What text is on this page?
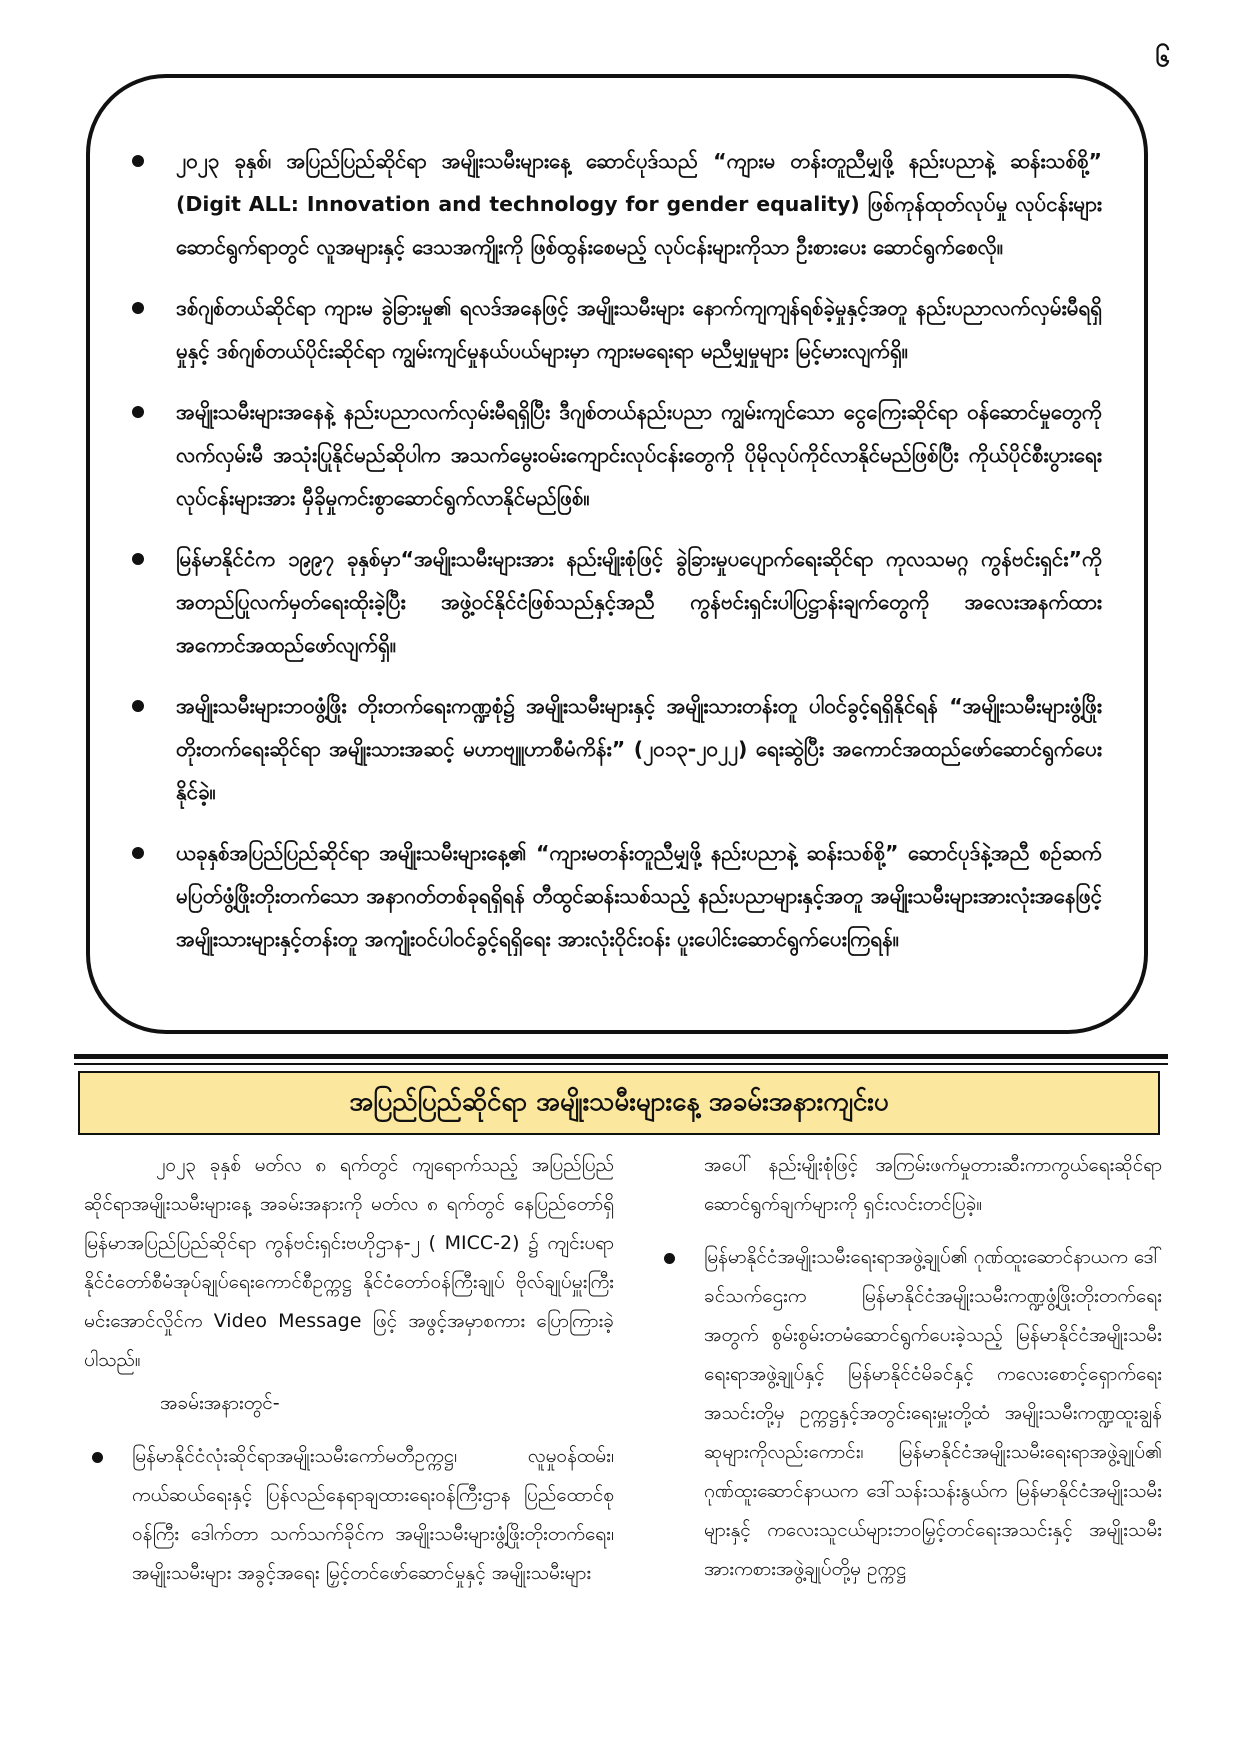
၆
၂၀၂၃ ခုနှစ်၊ အပြည်ပြည်ဆိုင်ရာ အမျိုးသမီးများနေ့ ဆောင်ပုဒ်သည် “ကျားမ တန်းတူညီမျှဖို့ နည်းပညာနဲ့ ဆန်းသစ်စို့” (Digit ALL: Innovation and technology for gender equality) ဖြစ်ကုန်ထုတ်လုပ်မှု လုပ်ငန်းများ ဆောင်ရွက်ရာတွင် လူအများနှင့် ဒေသအကျိုးကို ဖြစ်ထွန်းစေမည့် လုပ်ငန်းများကိုသာ ဦးစားပေး ဆောင်ရွက်စေလို။
ဒစ်ဂျစ်တယ်ဆိုင်ရာ ကျားမ ခွဲခြားမှု၏ ရလဒ်အနေဖြင့် အမျိုးသမီးများ နောက်ကျကျန်ရစ်ခဲ့မှုနှင့်အတူ နည်းပညာလက်လှမ်းမီရရှိမှုနှင့် ဒစ်ဂျစ်တယ်ပိုင်းဆိုင်ရာ ကျွမ်းကျင်မှုနယ်ပယ်များမှာ ကျားမရေးရာ မညီမျှမှုများ မြင့်မားလျက်ရှိ။
အမျိုးသမီးများအနေနဲ့ နည်းပညာလက်လှမ်းမီရရှိပြီး ဒီဂျစ်တယ်နည်းပညာ ကျွမ်းကျင်သော ငွေကြေးဆိုင်ရာ ဝန်ဆောင်မှုတွေကို လက်လှမ်းမီ အသုံးပြုနိုင်မည်ဆိုပါက အသက်မွေးဝမ်းကျောင်းလုပ်ငန်းတွေကို ပိုမိုလုပ်ကိုင်လာနိုင်မည်ဖြစ်ပြီး ကိုယ်ပိုင်စီးပွားရေးလုပ်ငန်းများအား မှီခိုမှုကင်းစွာဆောင်ရွက်လာနိုင်မည်ဖြစ်။
မြန်မာနိုင်ငံက ၁၉၉၇ ခုနှစ်မှာ“အမျိုးသမီးများအား နည်းမျိုးစုံဖြင့် ခွဲခြားမှုပပျောက်ရေးဆိုင်ရာ ကုလသမဂ္ဂ ကွန်ဗင်းရှင်း”ကို အတည်ပြုလက်မှတ်ရေးထိုးခဲ့ပြီး အဖွဲ့ဝင်နိုင်ငံဖြစ်သည်နှင့်အညီ ကွန်ဗင်းရှင်းပါပြဋ္ဌာန်းချက်တွေကို အလေးအနက်ထား အကောင်အထည်ဖော်လျက်ရှိ။
အမျိုးသမီးများဘဝဖွံ့ဖြိုး တိုးတက်ရေးကဏ္ဍစုံ၌ အမျိုးသမီးများနှင့် အမျိုးသားတန်းတူ ပါဝင်ခွင့်ရရှိနိုင်ရန် “အမျိုးသမီးများဖွံ့ဖြိုးတိုးတက်ရေးဆိုင်ရာ အမျိုးသားအဆင့် မဟာဗျူဟာစီမံကိန်း” (၂၀၁၃-၂၀၂၂) ရေးဆွဲပြီး အကောင်အထည်ဖော်ဆောင်ရွက်ပေးနိုင်ခဲ့။
ယခုနှစ်အပြည်ပြည်ဆိုင်ရာ အမျိုးသမီးများနေ့၏ “ကျားမတန်းတူညီမျှဖို့ နည်းပညာနဲ့ ဆန်းသစ်စို့” ဆောင်ပုဒ်နဲ့အညီ စဉ်ဆက်မပြတ်ဖွံ့ဖြိုးတိုးတက်သော အနာဂတ်တစ်ခုရရှိရန် တီထွင်ဆန်းသစ်သည့် နည်းပညာများနှင့်အတူ အမျိုးသမီးများအားလုံးအနေဖြင့် အမျိုးသားများနှင့်တန်းတူ အကျုံးဝင်ပါဝင်ခွင့်ရရှိရေး အားလုံးဝိုင်းဝန်း ပူးပေါင်းဆောင်ရွက်ပေးကြရန်။
အပြည်ပြည်ဆိုင်ရာ အမျိုးသမီးများနေ့ အခမ်းအနားကျင်းပ

၂၀၂၃ ခုနှစ် မတ်လ ၈ ရက်တွင် ကျရောက်သည့် အပြည်ပြည်ဆိုင်ရာအမျိုးသမီးများနေ့ အခမ်းအနားကို မတ်လ ၈ ရက်တွင် နေပြည်တော်ရှိ မြန်မာအပြည်ပြည်ဆိုင်ရာ ကွန်ဗင်းရှင်းဗဟိုဌာန-၂ ( MICC-2) ၌ ကျင်းပရာ နိုင်ငံတော်စီမံအုပ်ချုပ်ရေးကောင်စီဥက္ကဋ္ဌ နိုင်ငံတော်ဝန်ကြီးချုပ် ဗိုလ်ချုပ်မှူးကြီး မင်းအောင်လှိုင်က Video Message ဖြင့် အဖွင့်အမှာစကား ပြောကြားခဲ့ပါသည်။

အခမ်းအနားတွင်-

မြန်မာနိုင်ငံလုံးဆိုင်ရာအမျိုးသမီးကော်မတီဥက္ကဋ္ဌ၊ လူမှုဝန်ထမ်း၊ ကယ်ဆယ်ရေးနှင့် ပြန်လည်နေရာချထားရေးဝန်ကြီးဌာန ပြည်ထောင်စုဝန်ကြီး ဒေါက်တာ သက်သက်ခိုင်က အမျိုးသမီးများဖွံ့ဖြိုးတိုးတက်ရေး၊ အမျိုးသမီးများ အခွင့်အရေး မြှင့်တင်ဖော်ဆောင်မှုနှင့် အမျိုးသမီးများ

အပေါ် နည်းမျိုးစုံဖြင့် အကြမ်းဖက်မှုတားဆီးကာကွယ်ရေးဆိုင်ရာဆောင်ရွက်ချက်များကို ရှင်းလင်းတင်ပြခဲ့။

မြန်မာနိုင်ငံအမျိုးသမီးရေးရာအဖွဲ့ချုပ်၏ ဂုဏ်ထူးဆောင်နာယက ဒေါ်ခင်သက်ဌေးက မြန်မာနိုင်ငံအမျိုးသမီးကဏ္ဍဖွံ့ဖြိုးတိုးတက်ရေးအတွက် စွမ်းစွမ်းတမံဆောင်ရွက်ပေးခဲ့သည့် မြန်မာနိုင်ငံအမျိုးသမီးရေးရာအဖွဲ့ချုပ်နှင့် မြန်မာနိုင်ငံမိခင်နှင့် ကလေးစောင့်ရှောက်ရေးအသင်းတို့မှ ဥက္ကဋ္ဌနှင့်အတွင်းရေးမှူးတို့ထံ အမျိုးသမီးကဏ္ဍထူးချွန်ဆုများကိုလည်းကောင်း၊ မြန်မာနိုင်ငံအမျိုးသမီးရေးရာအဖွဲ့ချုပ်၏ ဂုဏ်ထူးဆောင်နာယက ဒေါ်သန်းသန်းနွယ်က မြန်မာနိုင်ငံအမျိုးသမီးများနှင့် ကလေးသူငယ်များဘဝမြှင့်တင်ရေးအသင်းနှင့် အမျိုးသမီးအားကစားအဖွဲ့ချုပ်တို့မှ ဥက္ကဋ္ဌ
